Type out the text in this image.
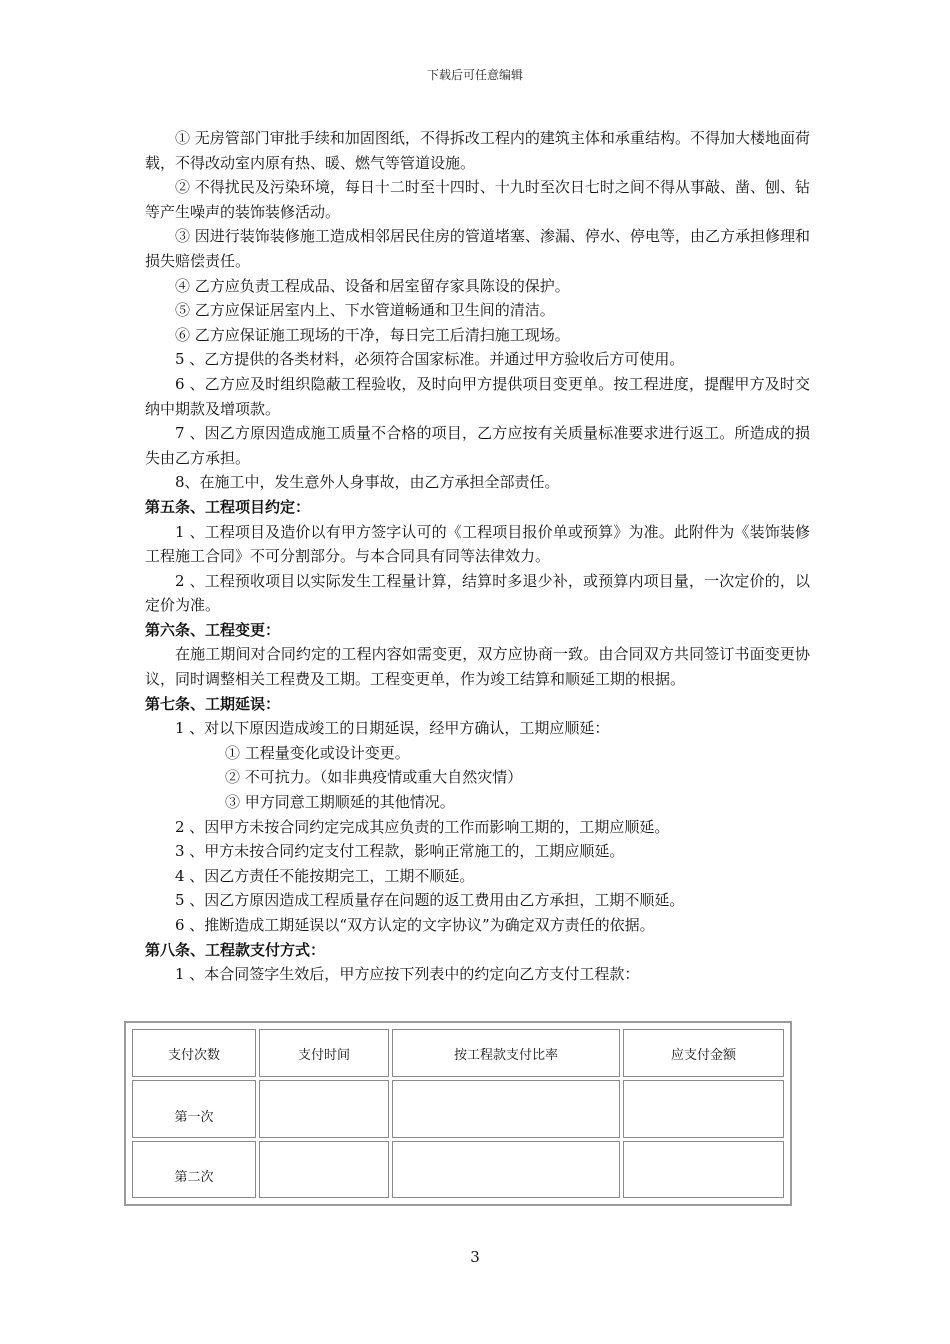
下载后可任意编辑

① 无房管部门审批手续和加固图纸，不得拆改工程内的建筑主体和承重结构。不得加大楼地面荷载，不得改动室内原有热、暖、燃气等管道设施。

② 不得扰民及污染环境，每日十二时至十四时、十九时至次日七时之间不得从事敲、凿、刨、钻等产生噪声的装饰装修活动。

③ 因进行装饰装修施工造成相邻居民住房的管道堵塞、渗漏、停水、停电等，由乙方承担修理和损失赔偿责任。

④ 乙方应负责工程成品、设备和居室留存家具陈设的保护。

⑤ 乙方应保证居室内上、下水管道畅通和卫生间的清洁。

⑥ 乙方应保证施工现场的干净，每日完工后清扫施工现场。

5 、乙方提供的各类材料，必须符合国家标准。并通过甲方验收后方可使用。

6 、乙方应及时组织隐蔽工程验收，及时向甲方提供项目变更单。按工程进度，提醒甲方及时交纳中期款及增项款。

7 、因乙方原因造成施工质量不合格的项目，乙方应按有关质量标准要求进行返工。所造成的损失由乙方承担。

8、在施工中，发生意外人身事故，由乙方承担全部责任。

第五条、工程项目约定：

1 、工程项目及造价以有甲方签字认可的《工程项目报价单或预算》为准。此附件为《装饰装修工程施工合同》不可分割部分。与本合同具有同等法律效力。

2 、工程预收项目以实际发生工程量计算，结算时多退少补，或预算内项目量，一次定价的，以定价为准。

第六条、工程变更：

在施工期间对合同约定的工程内容如需变更，双方应协商一致。由合同双方共同签订书面变更协议，同时调整相关工程费及工期。工程变更单，作为竣工结算和顺延工期的根据。

第七条、工期延误：

1 、对以下原因造成竣工的日期延误，经甲方确认，工期应顺延：

① 工程量变化或设计变更。

② 不可抗力。（如非典疫情或重大自然灾情）

③ 甲方同意工期顺延的其他情况。

2 、因甲方未按合同约定完成其应负责的工作而影响工期的，工期应顺延。

3 、甲方未按合同约定支付工程款，影响正常施工的，工期应顺延。

4 、因乙方责任不能按期完工，工期不顺延。

5 、因乙方原因造成工程质量存在问题的返工费用由乙方承担，工期不顺延。

6 、推断造成工期延误以“双方认定的文字协议”为确定双方责任的依据。

第八条、工程款支付方式：

1 、本合同签字生效后，甲方应按下列表中的约定向乙方支付工程款：

支付次数	支付时间	按工程款支付比率	应支付金额
第一次			
第二次			
3
